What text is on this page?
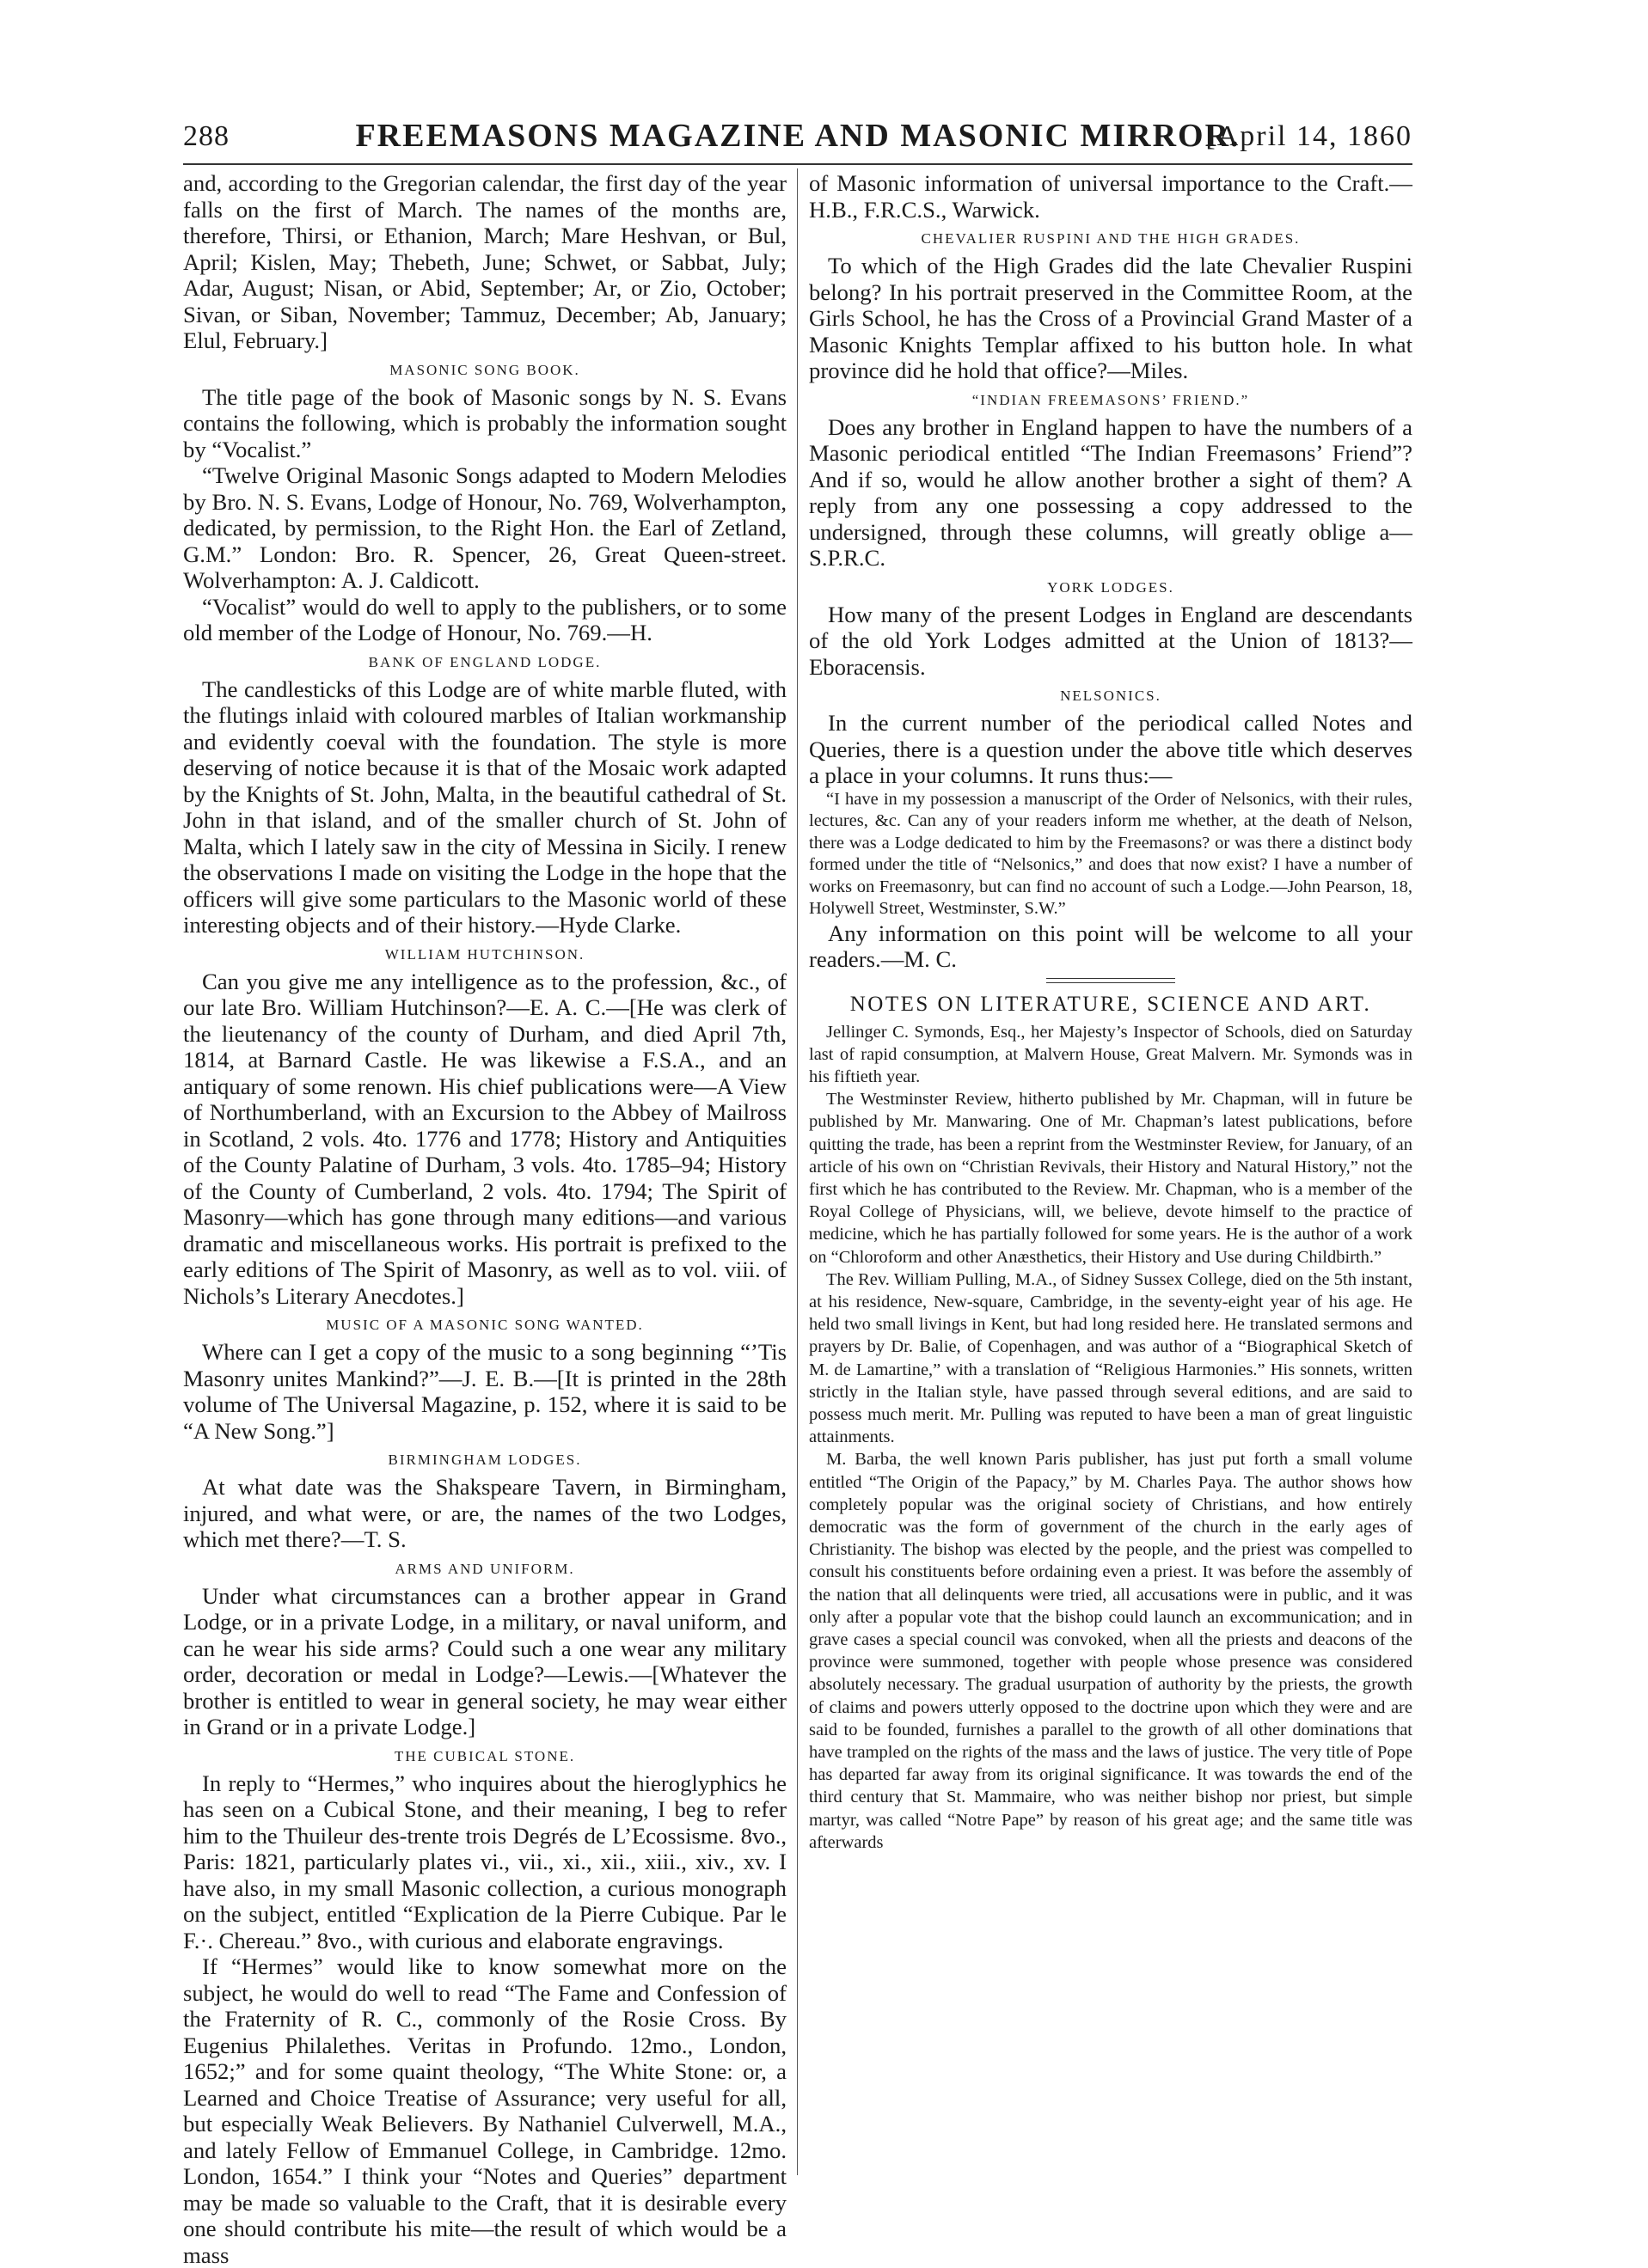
288	FREEMASONS MAGAZINE AND MASONIC MIRROR.
[April 14, 1860

and, according to the Gregorian calendar, the first day of the year falls on the first of March. The names of the months are, therefore, Thirsi, or Ethanion, March; Mare Heshvan, or Bul, April; Kislen, May; Thebeth, June; Schwet, or Sabbat, July; Adar, August; Nisan, or Abid, September; Ar, or Zio, October; Sivan, or Siban, November; Tammuz, December; Ab, January; Elul, February.]

MASONIC SONG BOOK.

The title page of the book of Masonic songs by N. S. Evans contains the following, which is probably the information sought by “Vocalist.”

“Twelve Original Masonic Songs adapted to Modern Melodies by Bro. N. S. Evans, Lodge of Honour, No. 769, Wolverhampton, dedicated, by permission, to the Right Hon. the Earl of Zetland, G.M.” London: Bro. R. Spencer, 26, Great Queen-street. Wolverhampton: A. J. Caldicott.

“Vocalist” would do well to apply to the publishers, or to some old member of the Lodge of Honour, No. 769.—H.

BANK OF ENGLAND LODGE.

The candlesticks of this Lodge are of white marble fluted, with the flutings inlaid with coloured marbles of Italian workmanship and evidently coeval with the foundation. The style is more deserving of notice because it is that of the Mosaic work adapted by the Knights of St. John, Malta, in the beautiful cathedral of St. John in that island, and of the smaller church of St. John of Malta, which I lately saw in the city of Messina in Sicily. I renew the observations I made on visiting the Lodge in the hope that the officers will give some particulars to the Masonic world of these interesting objects and of their history.—Hyde Clarke.

WILLIAM HUTCHINSON.

Can you give me any intelligence as to the profession, &c., of our late Bro. William Hutchinson?—E. A. C.—[He was clerk of the lieutenancy of the county of Durham, and died April 7th, 1814, at Barnard Castle. He was likewise a F.S.A., and an antiquary of some renown. His chief publications were—A View of Northumberland, with an Excursion to the Abbey of Mailross in Scotland, 2 vols. 4to. 1776 and 1778; History and Antiquities of the County Palatine of Durham, 3 vols. 4to. 1785–94; History of the County of Cumberland, 2 vols. 4to. 1794; The Spirit of Masonry—which has gone through many editions—and various dramatic and miscellaneous works. His portrait is prefixed to the early editions of The Spirit of Masonry, as well as to vol. viii. of Nichols’s Literary Anecdotes.]

MUSIC OF A MASONIC SONG WANTED.

Where can I get a copy of the music to a song beginning “’Tis Masonry unites Mankind?”—J. E. B.—[It is printed in the 28th volume of The Universal Magazine, p. 152, where it is said to be “A New Song.”]

BIRMINGHAM LODGES.

At what date was the Shakspeare Tavern, in Birmingham, injured, and what were, or are, the names of the two Lodges, which met there?—T. S.

ARMS AND UNIFORM.

Under what circumstances can a brother appear in Grand Lodge, or in a private Lodge, in a military, or naval uniform, and can he wear his side arms? Could such a one wear any military order, decoration or medal in Lodge?—Lewis.—[Whatever the brother is entitled to wear in general society, he may wear either in Grand or in a private Lodge.]

THE CUBICAL STONE.

In reply to “Hermes,” who inquires about the hieroglyphics he has seen on a Cubical Stone, and their meaning, I beg to refer him to the Thuileur des-trente trois Degrés de L’Ecossisme. 8vo., Paris: 1821, particularly plates vi., vii., xi., xii., xiii., xiv., xv. I have also, in my small Masonic collection, a curious monograph on the subject, entitled “Explication de la Pierre Cubique. Par le F.·. Chereau.” 8vo., with curious and elaborate engravings.

If “Hermes” would like to know somewhat more on the subject, he would do well to read “The Fame and Confession of the Fraternity of R. C., commonly of the Rosie Cross. By Eugenius Philalethes. Veritas in Profundo. 12mo., London, 1652;” and for some quaint theology, “The White Stone: or, a Learned and Choice Treatise of Assurance; very useful for all, but especially Weak Believers. By Nathaniel Culverwell, M.A., and lately Fellow of Emmanuel College, in Cambridge. 12mo. London, 1654.” I think your “Notes and Queries” department may be made so valuable to the Craft, that it is desirable every one should contribute his mite—the result of which would be a mass

of Masonic information of universal importance to the Craft.—H.B., F.R.C.S., Warwick.

CHEVALIER RUSPINI AND THE HIGH GRADES.

To which of the High Grades did the late Chevalier Ruspini belong? In his portrait preserved in the Committee Room, at the Girls School, he has the Cross of a Provincial Grand Master of a Masonic Knights Templar affixed to his button hole. In what province did he hold that office?—Miles.

“INDIAN FREEMASONS’ FRIEND.”

Does any brother in England happen to have the numbers of a Masonic periodical entitled “The Indian Freemasons’ Friend”? And if so, would he allow another brother a sight of them? A reply from any one possessing a copy addressed to the undersigned, through these columns, will greatly oblige a—S.P.R.C.

YORK LODGES.

How many of the present Lodges in England are descendants of the old York Lodges admitted at the Union of 1813?—Eboracensis.

NELSONICS.

In the current number of the periodical called Notes and Queries, there is a question under the above title which deserves a place in your columns. It runs thus:—

“I have in my possession a manuscript of the Order of Nelsonics, with their rules, lectures, &c. Can any of your readers inform me whether, at the death of Nelson, there was a Lodge dedicated to him by the Freemasons? or was there a distinct body formed under the title of “Nelsonics,” and does that now exist? I have a number of works on Freemasonry, but can find no account of such a Lodge.—John Pearson, 18, Holywell Street, Westminster, S.W.”

Any information on this point will be welcome to all your readers.—M. C.

NOTES ON LITERATURE, SCIENCE AND ART.

Jellinger C. Symonds, Esq., her Majesty’s Inspector of Schools, died on Saturday last of rapid consumption, at Malvern House, Great Malvern. Mr. Symonds was in his fiftieth year.

The Westminster Review, hitherto published by Mr. Chapman, will in future be published by Mr. Manwaring. One of Mr. Chapman’s latest publications, before quitting the trade, has been a reprint from the Westminster Review, for January, of an article of his own on “Christian Revivals, their History and Natural History,” not the first which he has contributed to the Review. Mr. Chapman, who is a member of the Royal College of Physicians, will, we believe, devote himself to the practice of medicine, which he has partially followed for some years. He is the author of a work on “Chloroform and other Anæsthetics, their History and Use during Childbirth.”

The Rev. William Pulling, M.A., of Sidney Sussex College, died on the 5th instant, at his residence, New-square, Cambridge, in the seventy-eight year of his age. He held two small livings in Kent, but had long resided here. He translated sermons and prayers by Dr. Balie, of Copenhagen, and was author of a “Biographical Sketch of M. de Lamartine,” with a translation of “Religious Harmonies.” His sonnets, written strictly in the Italian style, have passed through several editions, and are said to possess much merit. Mr. Pulling was reputed to have been a man of great linguistic attainments.

M. Barba, the well known Paris publisher, has just put forth a small volume entitled “The Origin of the Papacy,” by M. Charles Paya. The author shows how completely popular was the original society of Christians, and how entirely democratic was the form of government of the church in the early ages of Christianity. The bishop was elected by the people, and the priest was compelled to consult his constituents before ordaining even a priest. It was before the assembly of the nation that all delinquents were tried, all accusations were in public, and it was only after a popular vote that the bishop could launch an excommunication; and in grave cases a special council was convoked, when all the priests and deacons of the province were summoned, together with people whose presence was considered absolutely necessary. The gradual usurpation of authority by the priests, the growth of claims and powers utterly opposed to the doctrine upon which they were and are said to be founded, furnishes a parallel to the growth of all other dominations that have trampled on the rights of the mass and the laws of justice. The very title of Pope has departed far away from its original significance. It was towards the end of the third century that St. Mammaire, who was neither bishop nor priest, but simple martyr, was called “Notre Pape” by reason of his great age; and the same title was afterwards
